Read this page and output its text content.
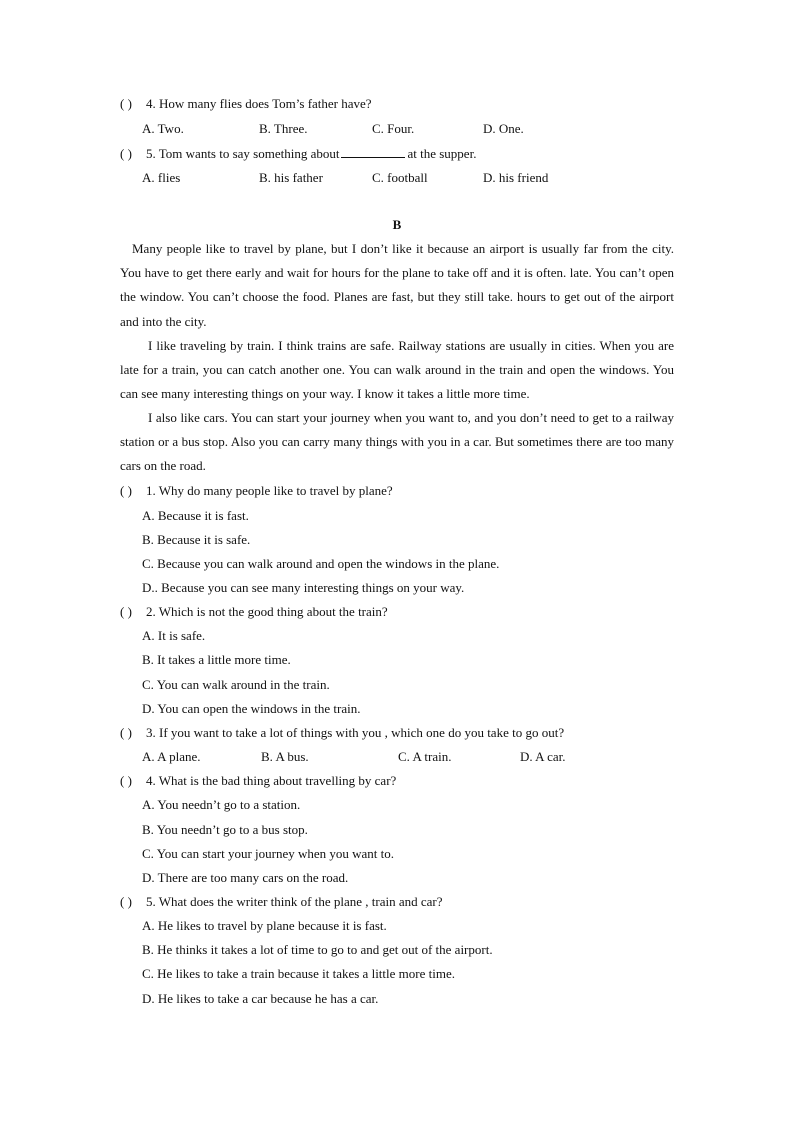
( ) 4. How many flies does Tom’s father have?
A. Two.	B. Three.	C. Four.	D. One.
( ) 5. Tom wants to say something about	at the supper.
A. flies	B. his father	C. football	D. his friend
B
Many people like to travel by plane, but I don’t like it because an airport is usually far from the city. You have to get there early and wait for hours for the plane to take off and it is often. late. You can’t open the window. You can’t choose the food. Planes are fast, but they still take. hours to get out of the airport and into the city.
I like traveling by train. I think trains are safe. Railway stations are usually in cities. When you are late for a train, you can catch another one. You can walk around in the train and open the windows. You can see many interesting things on your way. I know it takes a little more time.
I also like cars. You can start your journey when you want to, and you don’t need to get to a railway station or a bus stop. Also you can carry many things with you in a car. But sometimes there are too many cars on the road.
( ) 1. Why do many people like to travel by plane?
A. Because it is fast.
B. Because it is safe.
C. Because you can walk around and open the windows in the plane.
D.. Because you can see many interesting things on your way.
( ) 2. Which is not the good thing about the train?
A. It is safe.
B. It takes a little more time.
C. You can walk around in the train.
D. You can open the windows in the train.
( ) 3. If you want to take a lot of things with you , which one do you take to go out?
A. A plane.	B. A bus.	C. A train.	D. A car.
( ) 4. What is the bad thing about travelling by car?
A. You needn’t go to a station.
B. You needn’t go to a bus stop.
C. You can start your journey when you want to.
D. There are too many cars on the road.
( ) 5. What does the writer think of the plane , train and car?
A. He likes to travel by plane because it is fast.
B. He thinks it takes a lot of time to go to and get out of the airport.
C. He likes to take a train because it takes a little more time.
D. He likes to take a car because he has a car.
